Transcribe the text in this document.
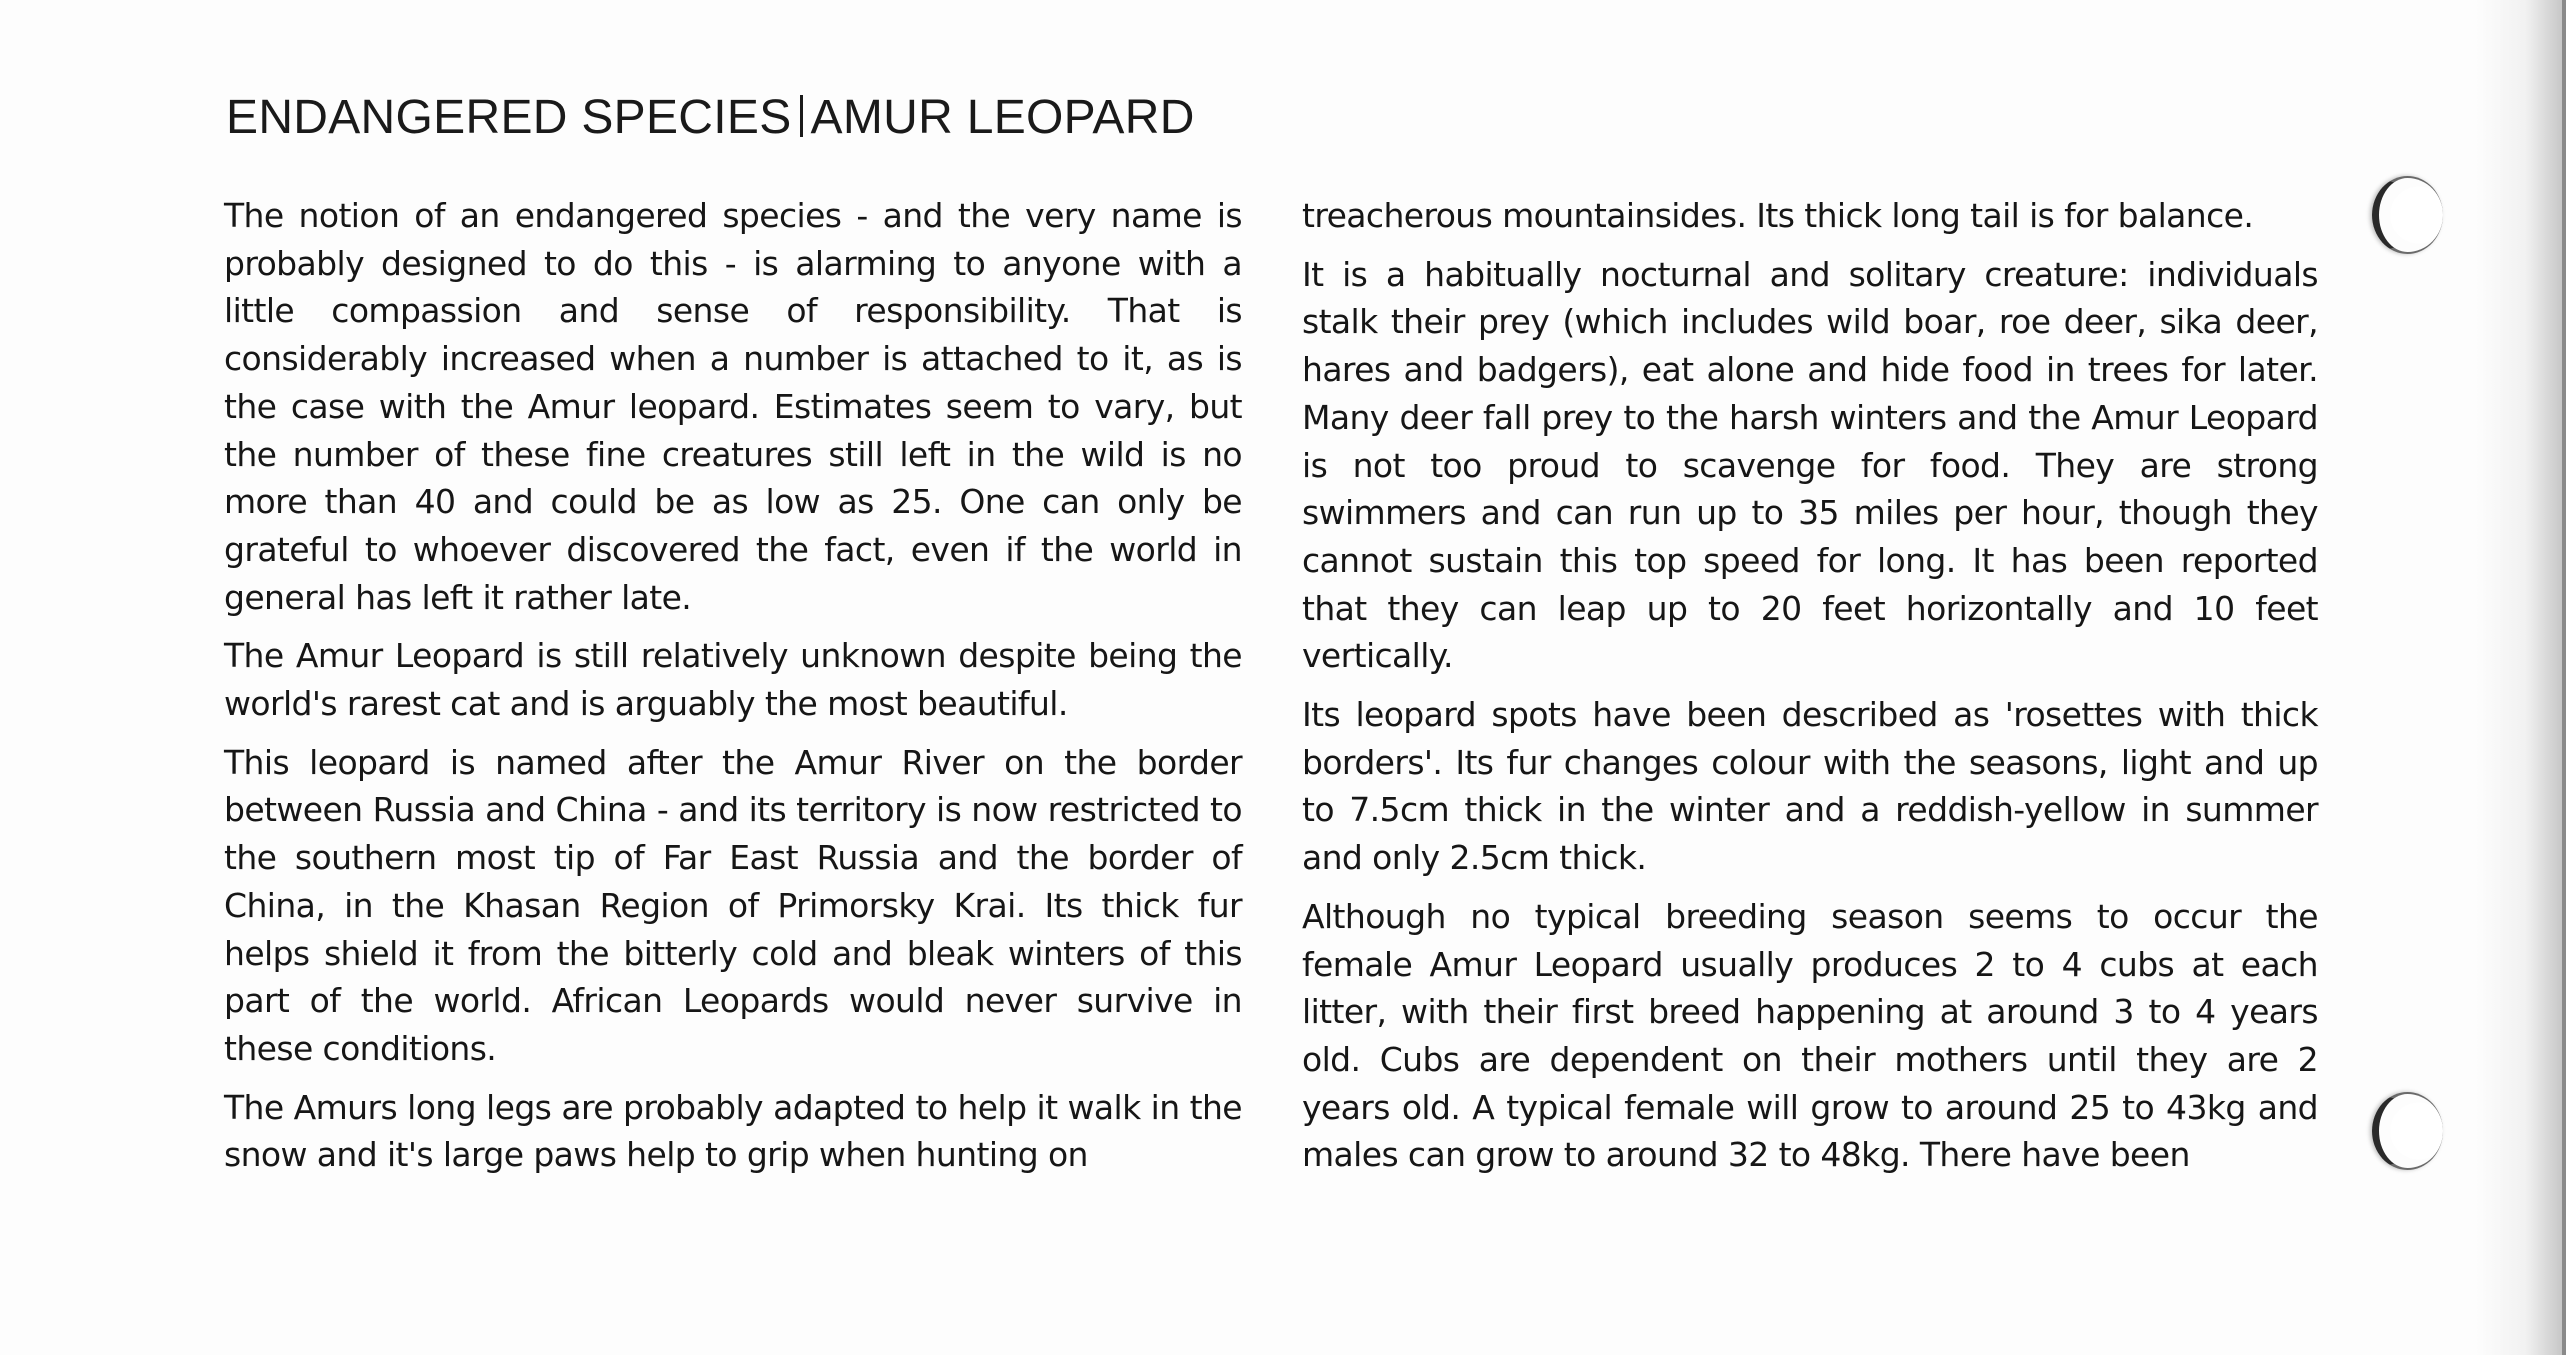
ENDANGERED SPECIES AMUR LEOPARD

The notion of an endangered species - and the very name is probably designed to do this - is alarming to anyone with a little compassion and sense of responsibility. That is considerably increased when a number is attached to it, as is the case with the Amur leopard. Estimates seem to vary, but the number of these fine creatures still left in the wild is no more than 40 and could be as low as 25. One can only be grateful to whoever discovered the fact, even if the world in general has left it rather late.

The Amur Leopard is still relatively unknown despite being the world's rarest cat and is arguably the most beautiful.

This leopard is named after the Amur River on the border between Russia and China - and its territory is now restricted to the southern most tip of Far East Russia and the border of China, in the Khasan Region of Primorsky Krai. Its thick fur helps shield it from the bitterly cold and bleak winters of this part of the world. African Leopards would never survive in these conditions.

The Amurs long legs are probably adapted to help it walk in the snow and it's large paws help to grip when hunting on

treacherous mountainsides. Its thick long tail is for balance.

It is a habitually nocturnal and solitary creature: individuals stalk their prey (which includes wild boar, roe deer, sika deer, hares and badgers), eat alone and hide food in trees for later. Many deer fall prey to the harsh winters and the Amur Leopard is not too proud to scavenge for food. They are strong swimmers and can run up to 35 miles per hour, though they cannot sustain this top speed for long. It has been reported that they can leap up to 20 feet horizontally and 10 feet vertically.

Its leopard spots have been described as 'rosettes with thick borders'. Its fur changes colour with the seasons, light and up to 7.5cm thick in the winter and a reddish-yellow in summer and only 2.5cm thick.

Although no typical breeding season seems to occur the female Amur Leopard usually produces 2 to 4 cubs at each litter, with their first breed happening at around 3 to 4 years old. Cubs are dependent on their mothers until they are 2 years old. A typical female will grow to around 25 to 43kg and males can grow to around 32 to 48kg. There have been
